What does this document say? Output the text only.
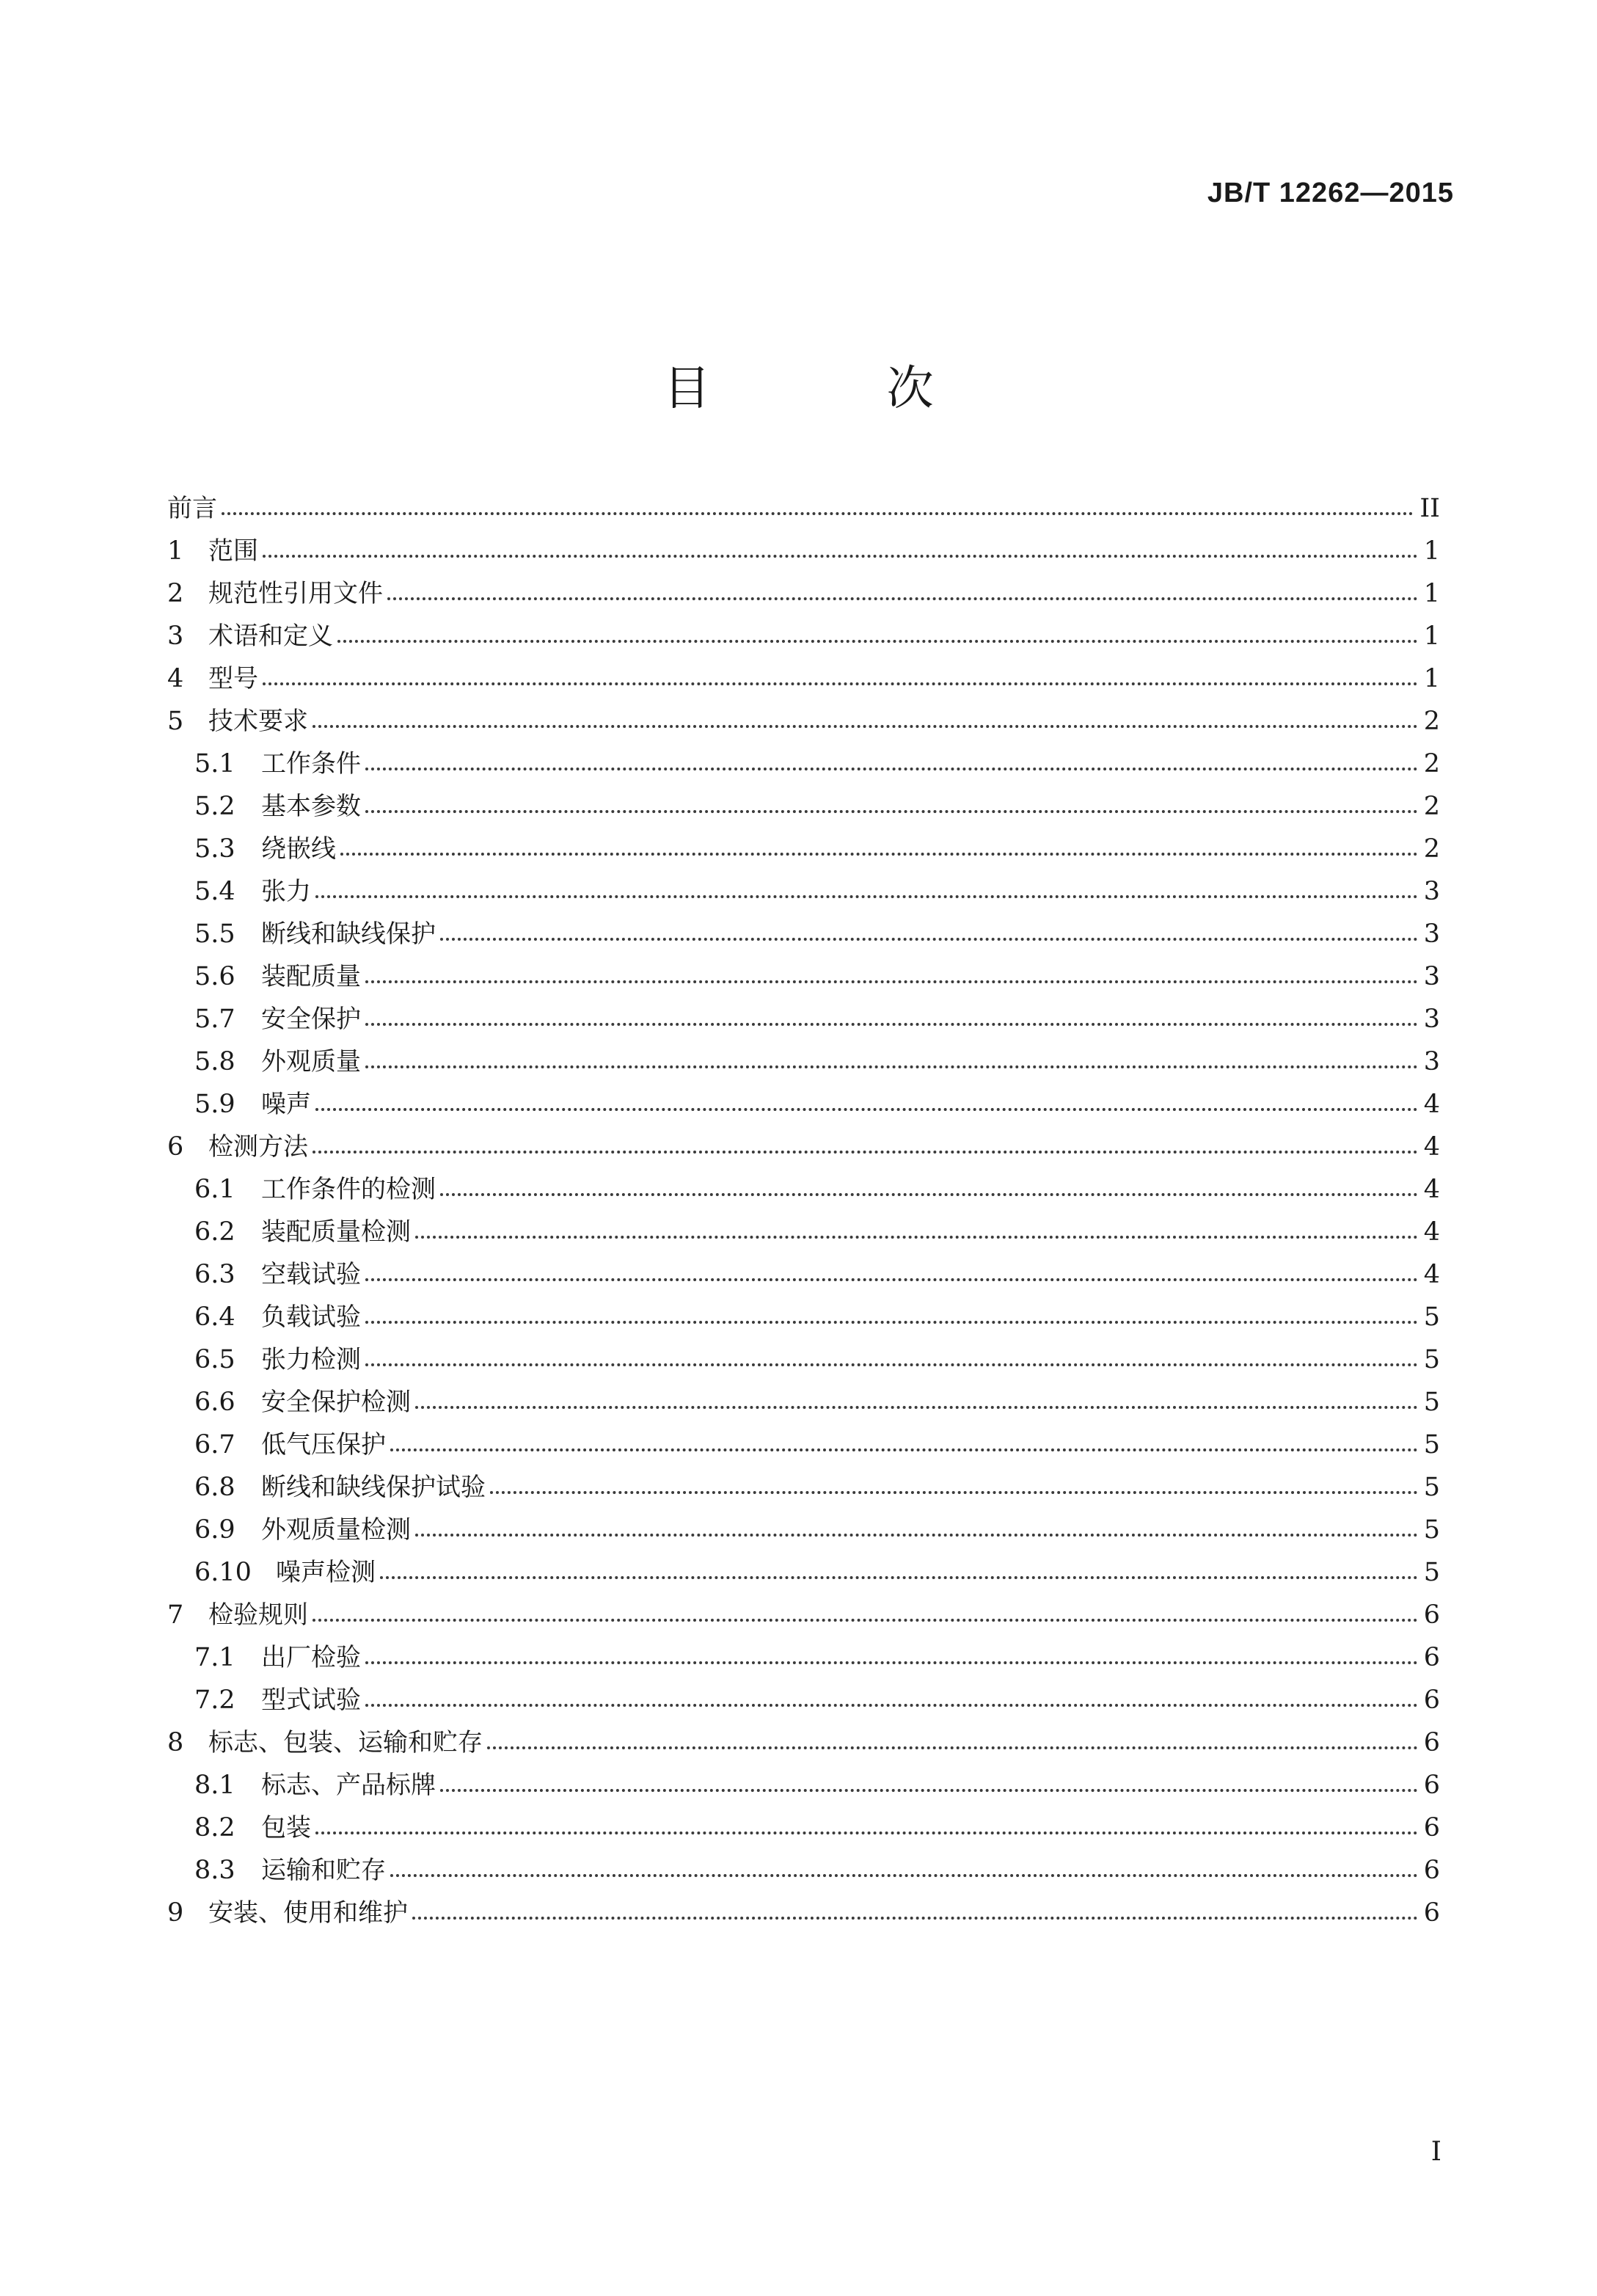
JB/T 12262—2015

目 次
前言	II
1 范围	1
2 规范性引用文件	1
3 术语和定义	1
4 型号	1
5 技术要求	2
5.1	工作条件	2
5.2	基本参数	2
5.3	绕嵌线	2
5.4	张力	3
5.5	断线和缺线保护	3
5.6	装配质量	3
5.7	安全保护	3
5.8	外观质量	3
5.9	噪声	4
6 检测方法	4
6.1	工作条件的检测	4
6.2	装配质量检测	4
6.3	空载试验	4
6.4	负载试验	5
6.5	张力检测	5
6.6	安全保护检测	5
6.7	低气压保护	5
6.8	断线和缺线保护试验	5
6.9	外观质量检测	5
6.10 噪声检测	5
7 检验规则	6
7.1	出厂检验	6
7.2	型式试验	6
8 标志、包装、运输和贮存	6
8.1	标志、产品标牌	6
8.2	包装	6
8.3	运输和贮存	6
9 安装、使用和维护	6

I
